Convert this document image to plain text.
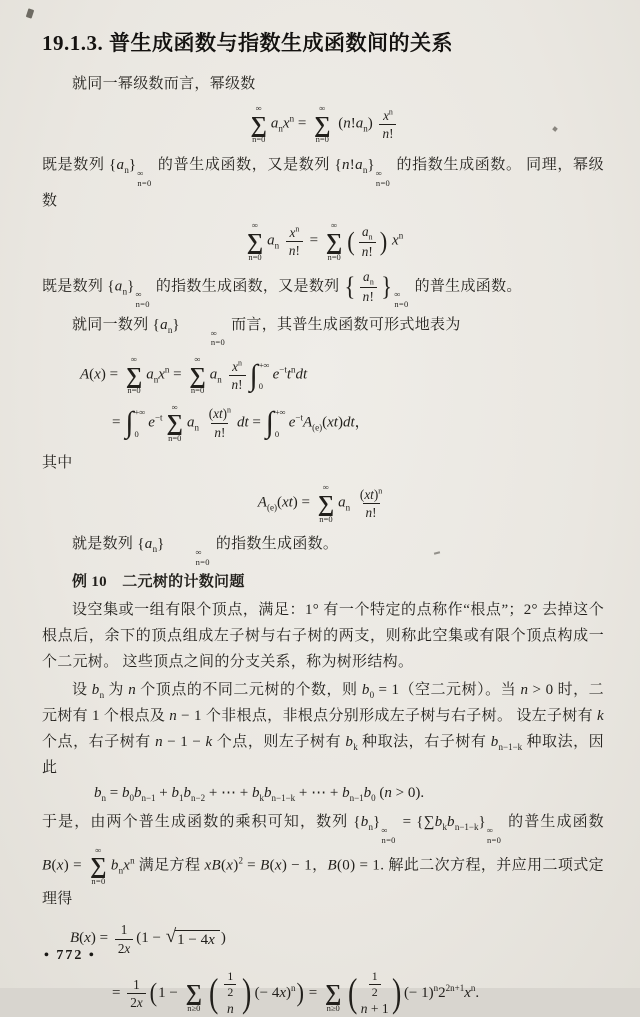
19.1.3. 普生成函数与指数生成函数间的关系

就同一幂级数而言，幂级数

∞
∑
n=0
$a_nx^n$ =
∞
∑
n=0
$(n!a_n) \frac{x^n}{n!}$

既是数列 $\{a_n\}$ ∞
n=0
的普生成函数，又是数列 $\{n!a_n\}$ ∞
n=0
的指数生成函数。 同理，幂级数

∞
∑
n=0
$a_n \frac{x^n}{n!}$ =
∞
∑
n=0
( $\frac{a_n}{n!}$ ) $x^n$

既是数列 $\{a_n\}$ ∞
n=0
的指数生成函数，又是数列 { $\frac{a_n}{n!}$ } ∞
n=0
的普生成函数。

就同一数列 $\{a_n\}$	∞
n=0
而言，其普生成函数可形式地表为

A(x) =
∞
∑
n=0
$a_nx^n$ =
∞
∑
n=0
$a_n \frac{x^n}{n!}$ ∫ +∞
0
$e^{-t}t^ndt$
= ∫ +∞
0
$e^{-t}$
∞
∑
n=0
$a_n \frac{(xt)^n}{n!}$ dt = ∫ +∞
0
$e^{-t}A_{(e)}(xt)dt$，

其中

$A_{(e)}(xt)$ =
∞
∑
n=0
$a_n \frac{(xt)^n}{n!}$

就是数列 $\{a_n\}$	∞
n=0
的指数生成函数。

例 10　二元树的计数问题

设空集或一组有限个顶点，满足：1° 有一个特定的点称作“根点”；2° 去掉这个根点后，余下的顶点组成左子树与右子树的两支，则称此空集或有限个顶点构成一个二元树。 这些顶点之间的分支关系，称为树形结构。

设 $b_n$ 为 n 个顶点的不同二元树的个数，则 $b_0 = 1$（空二元树）。当 n > 0 时，二元树有 1 个根点及 n − 1 个非根点，非根点分别形成左子树与右子树。 设左子树有 k 个点，右子树有 n − 1 − k 个点，则左子树有 $b_k$ 种取法，右子树有 $b_{n-1-k}$ 种取法，因此

$b_n = b_0b_{n-1} + b_1b_{n-2}$ + ⋯ + $b_kb_{n-1-k}$ + ⋯ + $b_{n-1}b_0$ (n > 0).

于是，由两个普生成函数的乘积可知，数列 $\{b_n\}$ ∞
n=0
= $\{\sum b_kb_{n-1-k}\}$ ∞
n=0
的普生成函数 B(x) =
∞
∑
n=0
$b_nx^n$ 满足方程 $xB(x)^2 = B(x) - 1$，B(0) = 1. 解此二次方程，并应用二项式定理得

$B(x) = \frac{1}{2x} (1$ − √ 1 − 4x )
= $\frac{1}{2x} (1$ −
∑
n≥0 ( $\frac{1}{2}$
n ) (− 4x)$^n$) =
∑
n≥0 ( $\frac{1}{2}$
n + 1 ) (− $1)^n2^{2n+1}x^n$.
• 772 •
